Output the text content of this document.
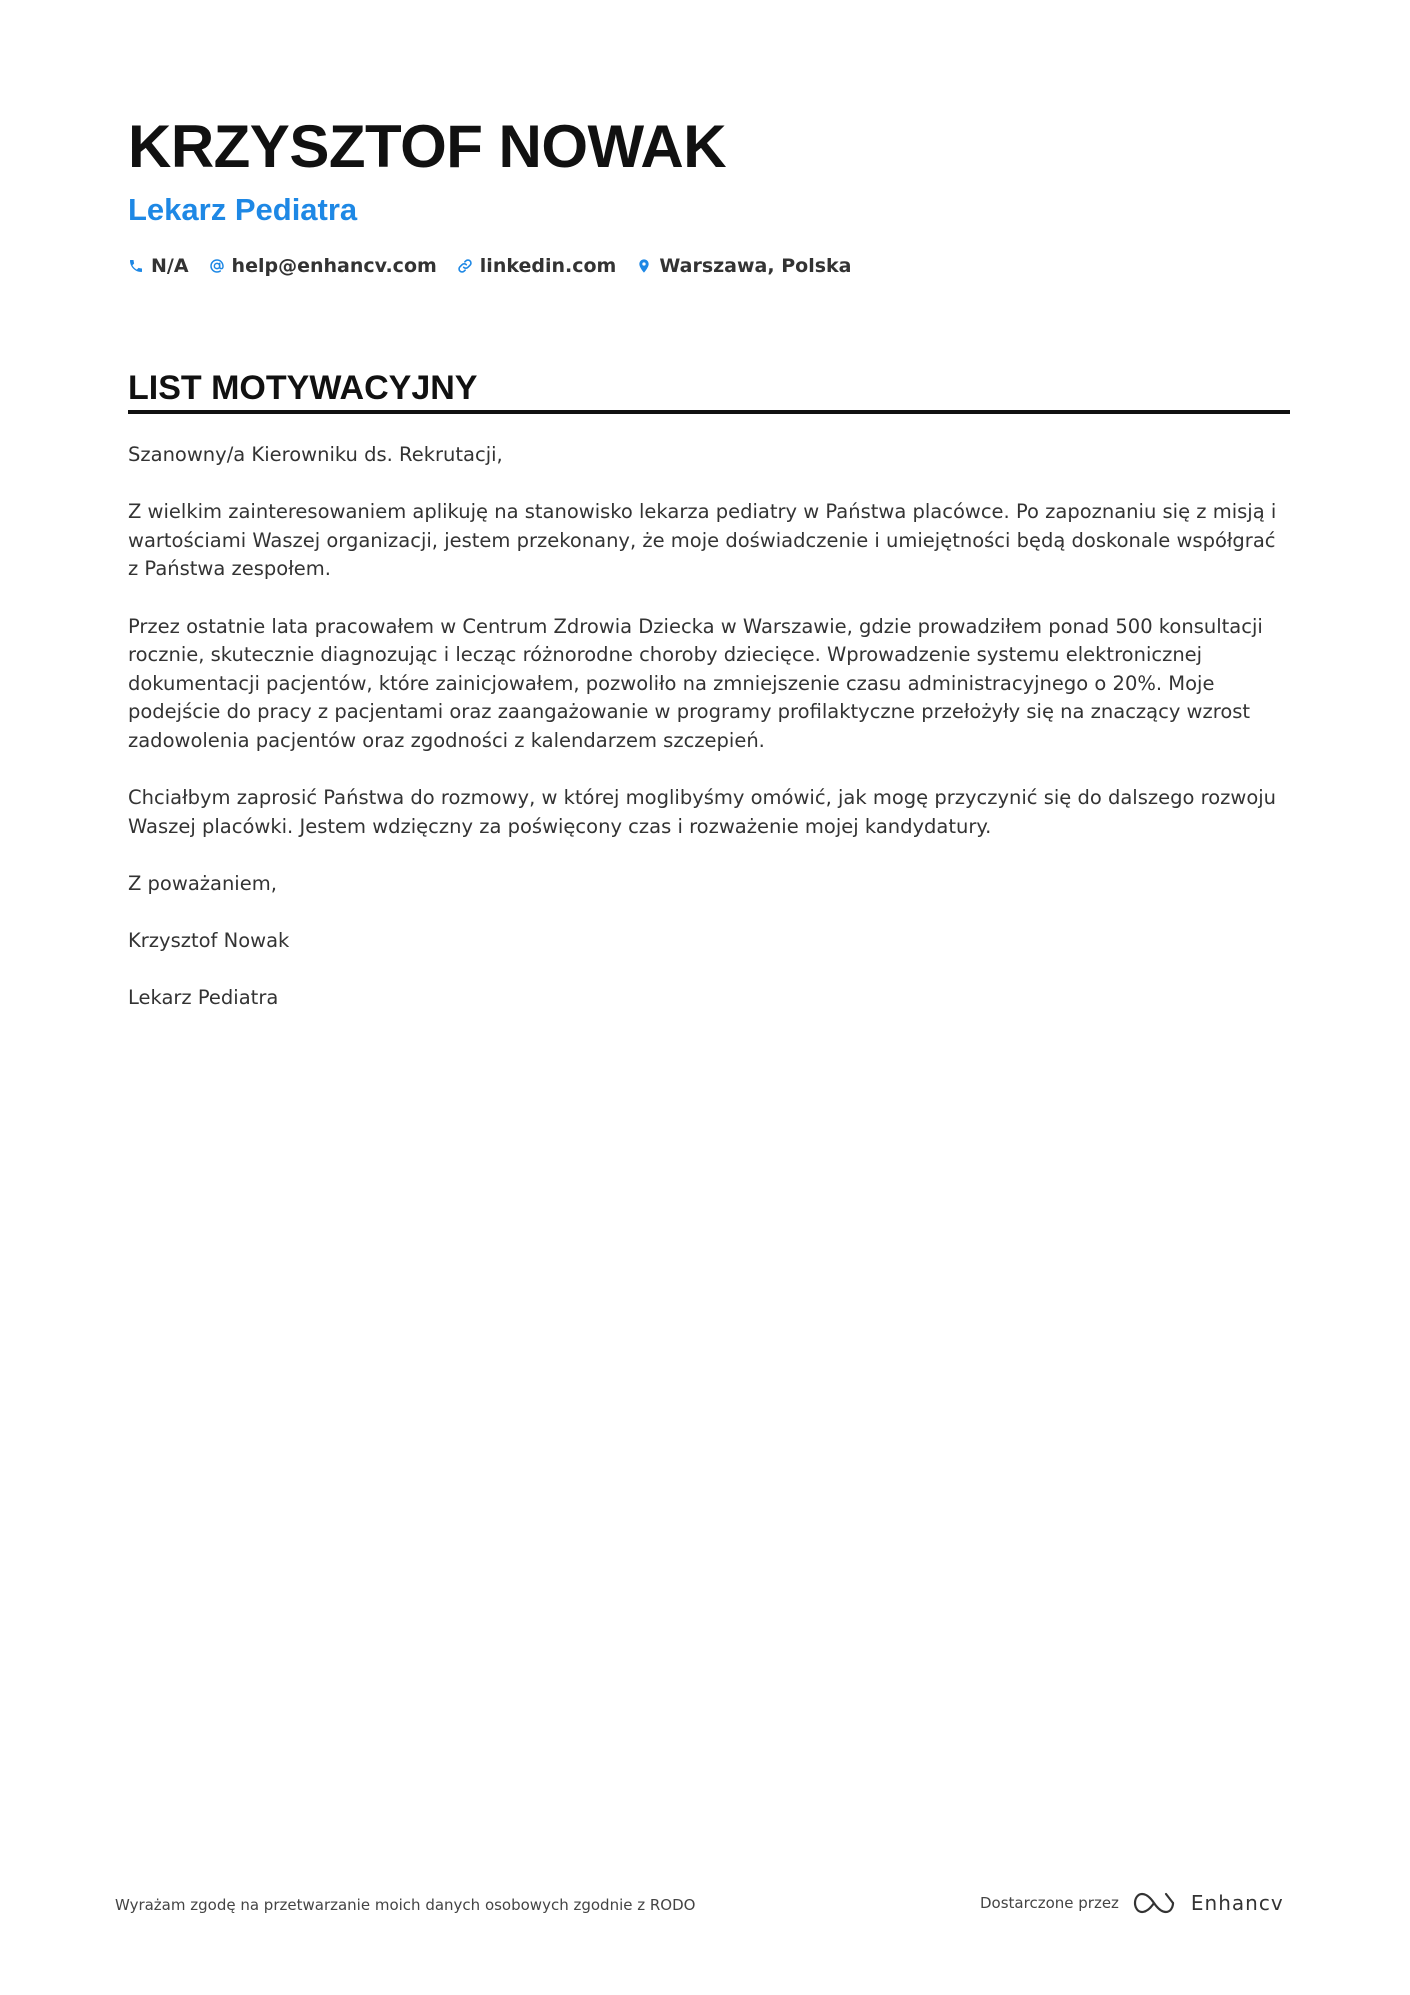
KRZYSZTOF NOWAK
Lekarz Pediatra
N/A help@enhancv.com linkedin.com Warszawa, Polska
LIST MOTYWACYJNY

Szanowny/a Kierowniku ds. Rekrutacji,

Z wielkim zainteresowaniem aplikuję na stanowisko lekarza pediatry w Państwa placówce. Po zapoznaniu się z misją i wartościami Waszej organizacji, jestem przekonany, że moje doświadczenie i umiejętności będą doskonale współgrać z Państwa zespołem.

Przez ostatnie lata pracowałem w Centrum Zdrowia Dziecka w Warszawie, gdzie prowadziłem ponad 500 konsultacji rocznie, skutecznie diagnozując i lecząc różnorodne choroby dziecięce. Wprowadzenie systemu elektronicznej dokumentacji pacjentów, które zainicjowałem, pozwoliło na zmniejszenie czasu administracyjnego o 20%. Moje podejście do pracy z pacjentami oraz zaangażowanie w programy profilaktyczne przełożyły się na znaczący wzrost zadowolenia pacjentów oraz zgodności z kalendarzem szczepień.

Chciałbym zaprosić Państwa do rozmowy, w której moglibyśmy omówić, jak mogę przyczynić się do dalszego rozwoju Waszej placówki. Jestem wdzięczny za poświęcony czas i rozważenie mojej kandydatury.

Z poważaniem,

Krzysztof Nowak

Lekarz Pediatra

Wyrażam zgodę na przetwarzanie moich danych osobowych zgodnie z RODO	Dostarczone przez	Enhancv
